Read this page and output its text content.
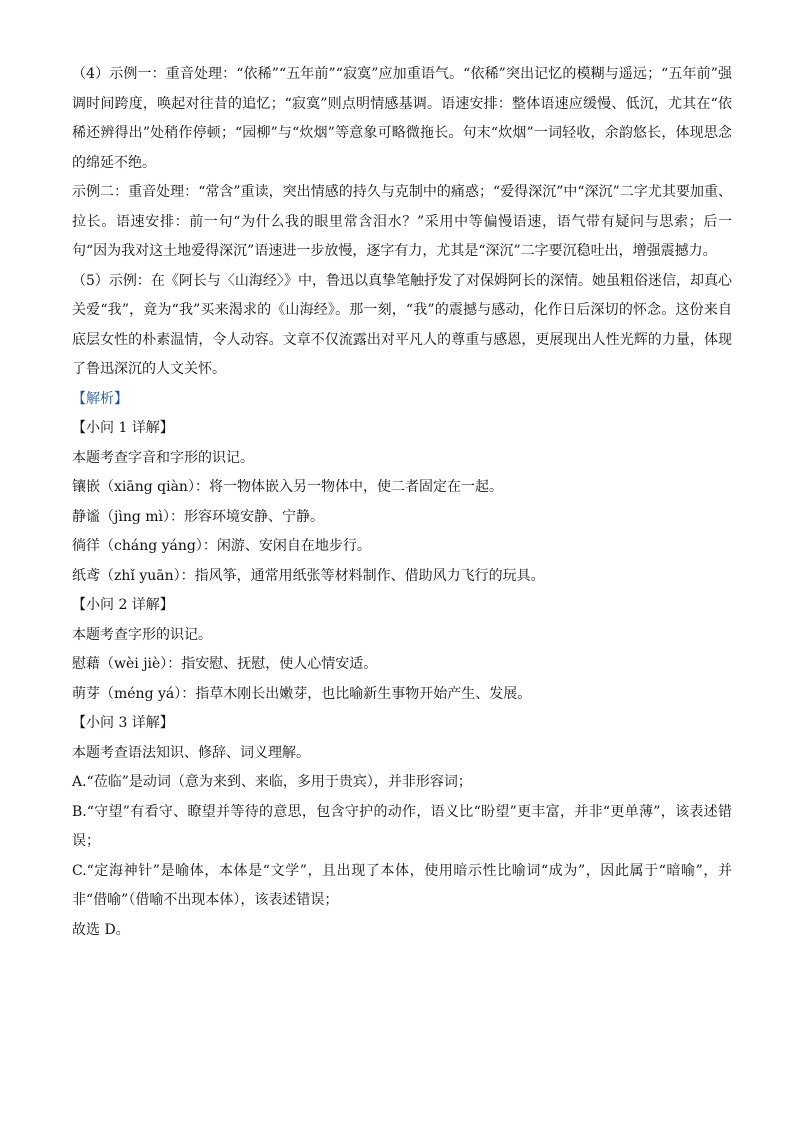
（4）示例一：重音处理：“依稀”“五年前”“寂寞”应加重语气。“依稀”突出记忆的模糊与遥远；“五年前”强调时间跨度，唤起对往昔的追忆；“寂寞”则点明情感基调。语速安排：整体语速应缓慢、低沉，尤其在“依稀还辨得出”处稍作停顿；“园柳”与“炊烟”等意象可略微拖长。句末“炊烟”一词轻收，余韵悠长，体现思念的绵延不绝。

示例二：重音处理：“常含”重读，突出情感的持久与克制中的痛惑；“爱得深沉”中“深沉”二字尤其要加重、拉长。语速安排：前一句“为什么我的眼里常含泪水？”采用中等偏慢语速，语气带有疑问与思索；后一句“因为我对这土地爱得深沉”语速进一步放慢，逐字有力，尤其是“深沉”二字要沉稳吐出，增强震撼力。

（5）示例：在《阿长与〈山海经〉》中，鲁迅以真挚笔触抒发了对保姆阿长的深情。她虽粗俗迷信，却真心关爱“我”，竟为“我”买来渴求的《山海经》。那一刻，“我”的震撼与感动，化作日后深切的怀念。这份来自底层女性的朴素温情，令人动容。文章不仅流露出对平凡人的尊重与感恩，更展现出人性光辉的力量，体现了鲁迅深沉的人文关怀。

【解析】

【小问 1 详解】

本题考查字音和字形的识记。

镶嵌（xiāng qiàn）：将一物体嵌入另一物体中，使二者固定在一起。

静谧（jìng mì）：形容环境安静、宁静。

徜徉（cháng yáng）：闲游、安闲自在地步行。

纸鸢（zhǐ yuān）：指风筝，通常用纸张等材料制作、借助风力飞行的玩具。

【小问 2 详解】

本题考查字形的识记。

慰藉（wèi jiè）：指安慰、抚慰，使人心情安适。

萌芽（méng yá）：指草木刚长出嫩芽，也比喻新生事物开始产生、发展。

【小问 3 详解】

本题考查语法知识、修辞、词义理解。

A.“莅临”是动词（意为来到、来临，多用于贵宾），并非形容词；

B.“守望”有看守、瞭望并等待的意思，包含守护的动作，语义比“盼望”更丰富，并非“更单薄”，该表述错误；

C.“定海神针”是喻体，本体是“文学”，且出现了本体，使用暗示性比喻词“成为”，因此属于“暗喻”，并非“借喻”（借喻不出现本体），该表述错误；

故选 D。
